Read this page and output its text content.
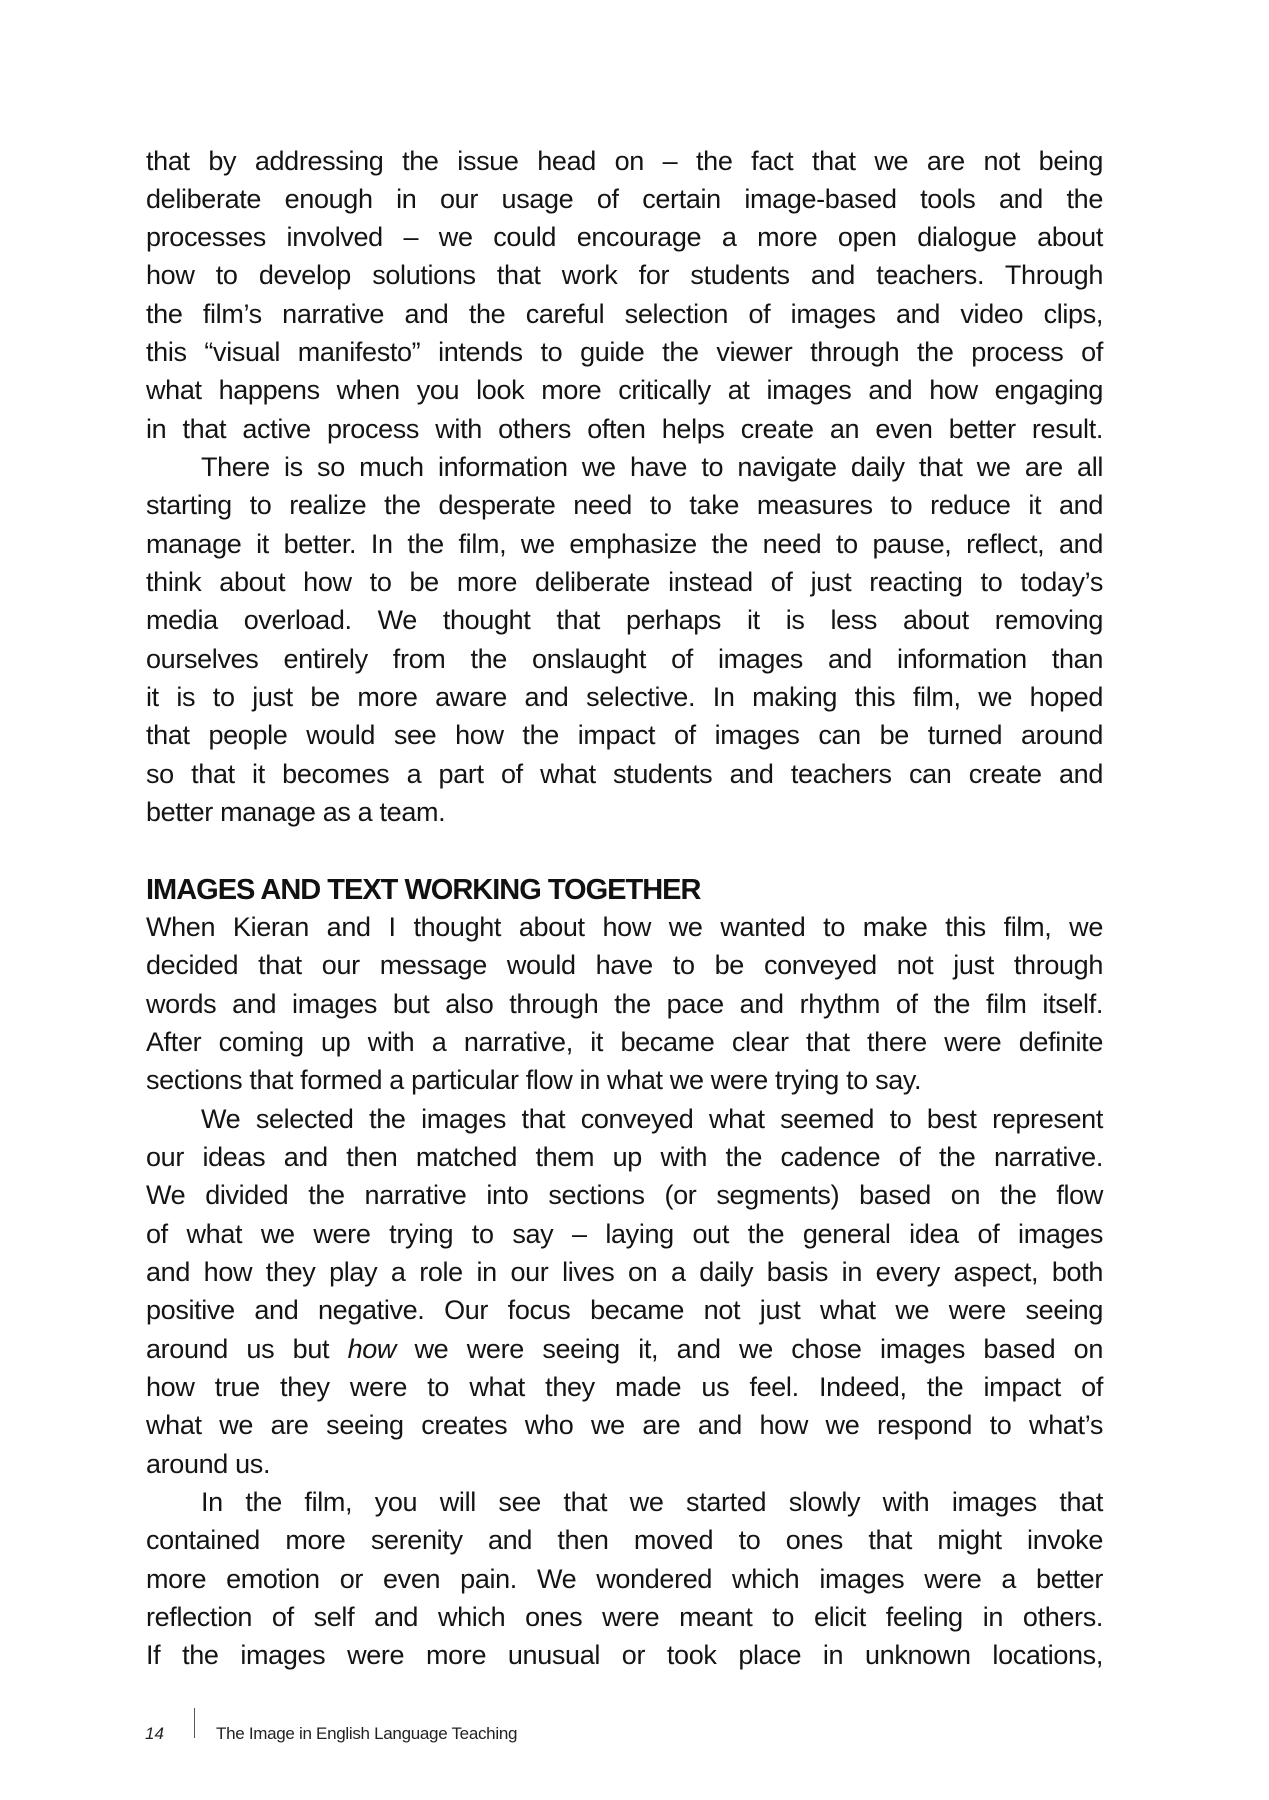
that by addressing the issue head on – the fact that we are not being
deliberate enough in our usage of certain image-based tools and the
processes involved – we could encourage a more open dialogue about
how to develop solutions that work for students and teachers. Through
the film’s narrative and the careful selection of images and video clips,
this “visual manifesto” intends to guide the viewer through the process of
what happens when you look more critically at images and how engaging
in that active process with others often helps create an even better result.
There is so much information we have to navigate daily that we are all
starting to realize the desperate need to take measures to reduce it and
manage it better. In the film, we emphasize the need to pause, reflect, and
think about how to be more deliberate instead of just reacting to today’s
media overload. We thought that perhaps it is less about removing
ourselves entirely from the onslaught of images and information than
it is to just be more aware and selective. In making this film, we hoped
that people would see how the impact of images can be turned around
so that it becomes a part of what students and teachers can create and
better manage as a team.
IMAGES AND TEXT WORKING TOGETHER
When Kieran and I thought about how we wanted to make this film, we
decided that our message would have to be conveyed not just through
words and images but also through the pace and rhythm of the film itself.
After coming up with a narrative, it became clear that there were definite
sections that formed a particular flow in what we were trying to say.
We selected the images that conveyed what seemed to best represent
our ideas and then matched them up with the cadence of the narrative.
We divided the narrative into sections (or segments) based on the flow
of what we were trying to say – laying out the general idea of images
and how they play a role in our lives on a daily basis in every aspect, both
positive and negative. Our focus became not just what we were seeing
around us but how we were seeing it, and we chose images based on
how true they were to what they made us feel. Indeed, the impact of
what we are seeing creates who we are and how we respond to what’s
around us.
In the film, you will see that we started slowly with images that
contained more serenity and then moved to ones that might invoke
more emotion or even pain. We wondered which images were a better
reflection of self and which ones were meant to elicit feeling in others.
If the images were more unusual or took place in unknown locations,
14	The Image in English Language Teaching
